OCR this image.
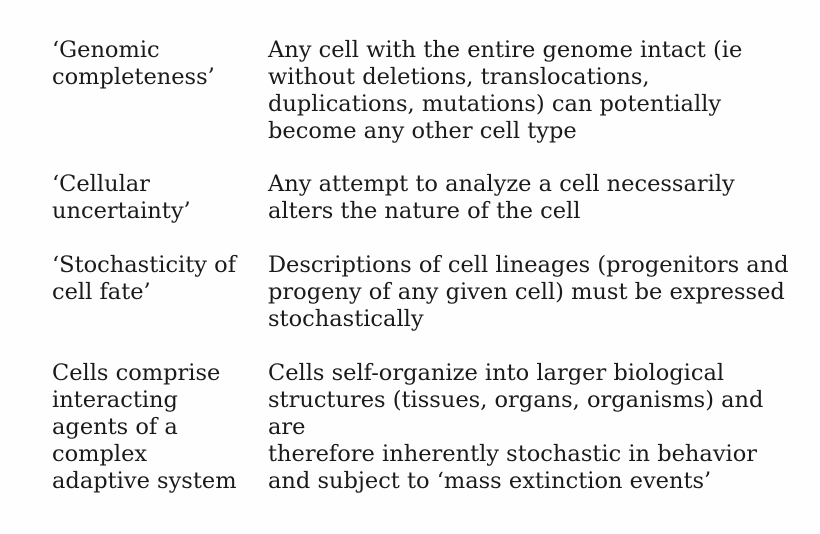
‘Genomic
completeness’
Any cell with the entire genome intact (ie
without deletions, translocations,
duplications, mutations) can potentially
become any other cell type
‘Cellular
uncertainty’
Any attempt to analyze a cell necessarily
alters the nature of the cell
‘Stochasticity of
cell fate’
Descriptions of cell lineages (progenitors and
progeny of any given cell) must be expressed
stochastically
Cells comprise
interacting
agents of a
complex
adaptive system
Cells self-organize into larger biological
structures (tissues, organs, organisms) and are
therefore inherently stochastic in behavior
and subject to ‘mass extinction events’
